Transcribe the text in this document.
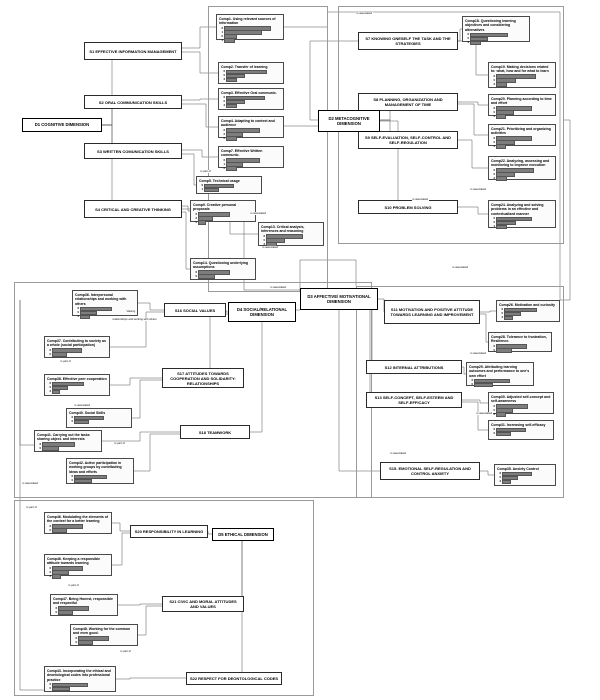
Comp1. Using relevant sources of information
6
1
0
4
Comp2. Transfer of learning
6
0
3
Comp3. Effective Oral communic.
6
0
3
Comp4. Adapting to context and audience
6
2
0
Comp7. Effective Written communic.
6
1
0
Comp5. Technical usage
6
1
Comp9. Creative personal proposals
6
2
0
Comp13. Critical analysis, inferences and reasoning
6
0
3
Comp14. Questioning underlying assumptions
6
0
Comp18. Questioning learning objectives and considering alternatives
6
0
3
Comp19. Making decisions related to: what, how and for what to learn
6
0
3
Comp20. Planning according to time and effort
6
0
3
Comp21. Prioritizing and organizing activities
6
0
3
Comp22. Analyzing, assessing and monitoring to improve execution
6
0
3
Comp24. Analyzing and solving problems in an effective and contextualized manner
6
0
4
Comp26. Motivation and curiosity
6
0
3
Comp28. Tolerance to frustration, Resilience.
6
0
Comp29. Attributing learning outcomes and performance to one's own effort
6
0
Comp30. Adjusted self-concept and self-awareness
6
0
3
Comp31. Increasing self-efficacy
6
0
Comp35. Anxiety Control
6
0
3
Comp36. Interpersonal relationships and working with others
6
0
3
Comp37. Contributing to society as a whole (social participation)
6
0
Comp38. Effective peer cooperation
6
0
3
Comp40. Social Skills
6
0
Comp41. Carrying out the tasks sharing object. and interests
6
0
Comp42. Active participation in working groups by contributing ideas and efforts
6
0
Comp46. Modulating the elements of the context for a better learning
6
0
Comp46. Keeping a responsible attitude towards learning
6
0
3
Comp47. Being Honest, responsible and respectful
6
0
Comp48. Working for the common and even good.
6
0
Comp43. Incorporating the ethical and deontological codes into professional practice
6
0
S1 EFFECTIVE INFORMATION MANAGEMENT
S2 ORAL COMMUNICATION SKILLS
S3 WRITTEN COMUNICATION SKILLS
S4 CRITICAL AND CREATIVE THINKING
S7 KNOWING ONESELF THE TASK AND THE STRATEGIES
S8 PLANNING, ORGANIZATION AND MANAGEMENT OF TIME
S9 SELF-EVALUATION, SELF-CONTROL AND SELF-REGULATION
S10 PROBLEM SOLVING
S11 MOTIVATION AND POSITIVE ATTITUDE TOWARDS LEARNING AND IMPROVEMENT
S12 INTERNAL ATTRIBUTIONS
S13 SELF-CONCEPT, SELF-ESTEEM AND SELF-EFFICACY
S15. EMOTIONAL SELF-REGULATION AND CONTROL ANXIETY
S16 SOCIAL VALUES
S17 ATTITUDES TOWARDS COOPERATION AND SOLIDARITY: RELATIONSHIPS
S18 TEAMWORK
S20 RESPONSIBILITY IN LEARNING
S21 CIVIC AND MORAL ATTITUDES AND VALUES
S22 RESPECT FOR DEONTOLOGICAL CODES
D1 COGNITIVE DIMENSION
D2 METACOGNITIVE DIMENSION
D3 AFFECTIVE/ MOTIVATIONAL DIMENSION
D4 SOCIAL/RELATIONAL DIMENSION
D5 ETHICAL DIMENSION
is associated
is associated
is associated
is associated
is associated
is associated
is part of
is part of
is associated
Valuing
relationships and working with others
is part of
is part of
is part of
is part of
is associated
is associated
is associated
is associated
is associated
